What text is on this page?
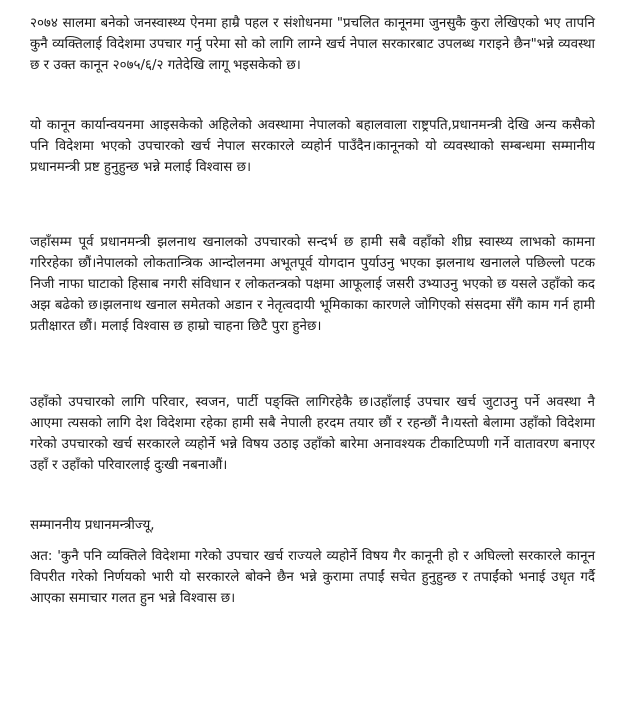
२०७४ सालमा बनेको जनस्वास्थ्य ऐनमा हाम्रै पहल र संशोधनमा "प्रचलित कानूनमा जुनसुकै कुरा लेखिएको भए तापनि कुनै व्यक्तिलाई विदेशमा उपचार गर्नु परेमा सो को लागि लाग्ने खर्च नेपाल सरकारबाट उपलब्ध गराइने छैन"भन्ने व्यवस्था छ र उक्त कानून २०७५/६/२ गतेदेखि लागू भइसकेको छ।

यो कानून कार्यान्वयनमा आइसकेको अहिलेको अवस्थामा नेपालको बहालवाला राष्ट्रपति,प्रधानमन्त्री देखि अन्य कसैको पनि विदेशमा भएको उपचारको खर्च नेपाल सरकारले व्यहोर्न पाउँदैन।कानूनको यो व्यवस्थाको सम्बन्धमा सम्मानीय प्रधानमन्त्री प्रष्ट हुनुहुन्छ भन्ने मलाई विश्वास छ।

जहाँसम्म पूर्व प्रधानमन्त्री झलनाथ खनालको उपचारको सन्दर्भ छ हामी सबै वहाँको शीघ्र स्वास्थ्य लाभको कामना गरिरहेका छौं।नेपालको लोकतान्त्रिक आन्दोलनमा अभूतपूर्व योगदान पुर्याउनु भएका झलनाथ खनालले पछिल्लो पटक निजी नाफा घाटाको हिसाब नगरी संविधान र लोकतन्त्रको पक्षमा आफूलाई जसरी उभ्याउनु भएको छ यसले उहाँको कद अझ बढेको छ।झलनाथ खनाल समेतको अडान र नेतृत्वदायी भूमिकाका कारणले जोगिएको संसदमा सँगै काम गर्न हामी प्रतीक्षारत छौं। मलाई विश्वास छ हाम्रो चाहना छिटै पुरा हुनेछ।

उहाँको उपचारको लागि परिवार, स्वजन, पार्टी पङ्क्ति लागिरहेकै छ।उहाँलाई उपचार खर्च जुटाउनु पर्ने अवस्था नै आएमा त्यसको लागि देश विदेशमा रहेका हामी सबै नेपाली हरदम तयार छौं र रहन्छौं नै।यस्तो बेलामा उहाँको विदेशमा गरेको उपचारको खर्च सरकारले व्यहोर्ने भन्ने विषय उठाइ उहाँको बारेमा अनावश्यक टीकाटिप्पणी गर्ने वातावरण बनाएर उहाँ र उहाँको परिवारलाई दुःखी नबनाऔं।

सम्माननीय प्रधानमन्त्रीज्यू,

अत: 'कुनै पनि व्यक्तिले विदेशमा गरेको उपचार खर्च राज्यले व्यहोर्ने विषय गैर कानूनी हो र अघिल्लो सरकारले कानून विपरीत गरेको निर्णयको भारी यो सरकारले बोक्ने छैन भन्ने कुरामा तपाईं सचेत हुनुहुन्छ र तपाईंको भनाई उधृत गर्दै आएका समाचार गलत हुन भन्ने विश्वास छ।
